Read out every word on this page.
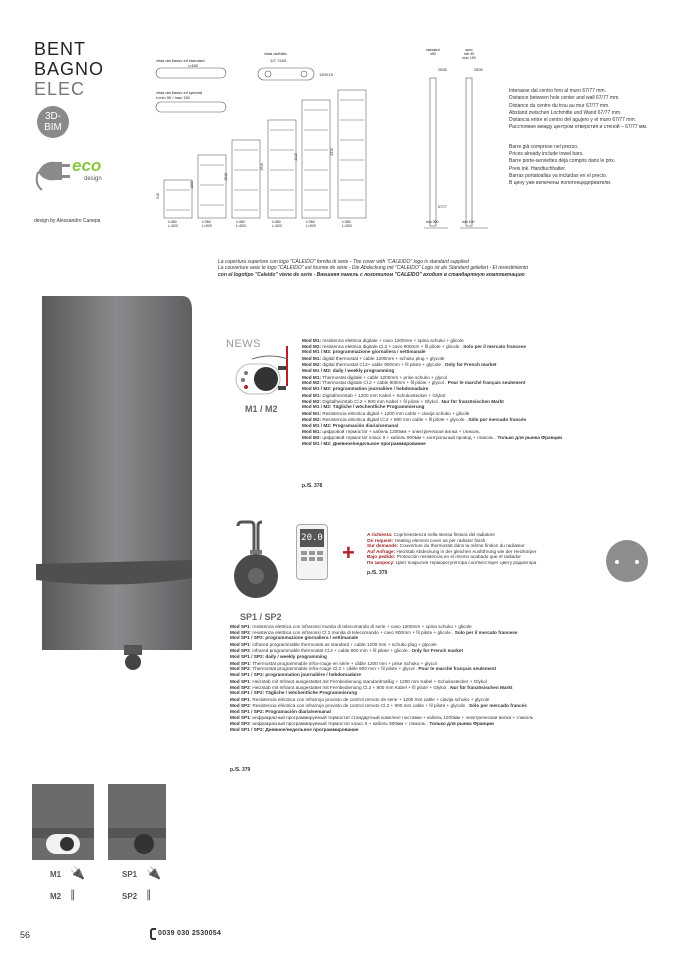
BENT
BAGNO
ELEC
3D-
BIM
eco
design
design by Alessandro Canepa
vista dal basso int standard
i=450
vista dall'alto
1/2 "GAS
130X15
vista dal basso int speciali
i=min 50 / max 150
standard
450
spec
min 50 max 150
25/30	25/30
67/77
min 300	min 100
910
l=380
L=520
1300
l=380
L=520
1510
l=380
L=520
1910
l=380
L=520
2110
l=380
L=520
2310
l=380
L=520

Interasse dal centro foro al muro 67/77 mm.

Distance between hole center and wall 67/77 mm.

Distance du centre du trou au mur 67/77 mm.

Abstand zwischen Lochmitte und Wand 67/77 mm.

Distancia entre el centro del agujero y el muro 67/77 mm.

Расстояние между центром отверстия и стеной – 67/77 мм.

Barre già comprese nel prezzo.

Prices already include towel bars.

Barre porte-serviettes déjà compris dans le prix.

Preis ink. Handtuchhalter.

Barras portatoallas ya incluidas en el precio.

В цену уже включены полотенцедержатели.

La copertura superiore con logo "CALEIDO" fornita di serie - The cover with "CALEIDO" logo is standard supplied
La couverture avec le logo "CALEIDO" est fournie de série - Die Abdeckung mit "CALEIDO" Logo ist als Standard geliefert - El revestimiento
con el logotipo "Caleido" viene de serie - Внешняя панель с логотипом "CALEIDO" входит в стандартную комплектацию
NEWS
M1 / M2
Mod M1: resistenza elettrica digitale + cavo 1200mm + spina schuko + glicole
Mod M2: resistenza elettrica digitale Cl.2 + cavo 900mm + fil pilote + glicole . Solo per il mercato francese
Mod M1 / M2: programmazione giornaliera / settimanale
Mod M1: digital thermostat + cable 1200mm + schuko plug + glycole
Mod M2: digital thermostat Cl.2+ cable 900mm + fil pilote + glycole . Only for French market
Mod M1 / M2: daily / weekly programming
Mod M1: Thermostat digitale + cable 1200mm + prise schuko + glycol
Mod M2: Thermostat digitale Cl.2 + cable 900mm + fil pilote + glycol . Pour le marché français seulement
Mod M1 / M2: programmation journalière / hebdomadaire
Mod M1: Digitalheizstab + 1200 mm Kabel + Schukostecker + Glykol
Mod M2: Digitalheizstab Cl.2 + 900 mm Kabel + fil pilote + Glykol . Nur für französischen Markt
Mod M1 / M2: Tägliche / wöchentliche Programmierung
Mod M1: Resistencia eléctrica digital + 1200 mm cable + clavija schuko + glicole
Mod M2: Resistencia eléctrica digital Cl.2 + 900 mm cable + fil pilote + glycole . Sólo por mercado francés
Mod M1 / M2: Programación diaria/semanal
Mod M1: цифровой термостат + кабель 1200мм + электрическая вилка + гликоль
Mod M2: цифровой термостат класс II + кабель 900мм + контрольный провод + гликоль . Только для рынка Франции
Mod M1 / M2: Дневное/недельное программирование
p./S. 378
20.0
+
A richiesta: Copriresistenza nella stessa finitura del radiatore
On request: Heating element cover as per radiator finish
Sur demande: Couverture du thermostat dans la même finition du radiateur
Auf Anfrage: Heizstab Abdeckung in der gleichen Ausführung wie der Heizkörper
Bajo pedido: Protección resistencia en el mismo acabado que el radiador
По запросу: Цвет покрытия терморегулятора соответствует цвету радиатора
p./S. 379
SP1 / SP2
Mod SP1: resistenza elettrica con infrarossi munita di telecomando di serie + cavo 1200mm + spina schuko + glicole
Mod SP2: resistenza elettrica con infrarossi Cl.2 munita di telecomando + cavo 900mm + fil pilote + glicole . Solo per il mercato francese
Mod SP1 / SP2: programmazione giornaliera / settimanale
Mod SP1: infrared programmable thermostat as standard + cable 1200 mm + schuko plug + glycole
Mod SP2: infrared programmable thermostat Cl.2 + cable 900 mm + fil pilote + glicole . Only for French market
Mod SP1 / SP2: daily / weekly programming
Mod SP1: Thermostat programmable infra-rouge en série + câble 1200 mm + prise Schuko + glycol
Mod SP2: Thermostat programmable infra-rouge Cl.2 + câble 900 mm + fil pilote + glycol . Pour le marché français seulement
Mod SP1 / SP2: programmation journalière / hebdomadaire
Mod SP1: Heizstab mit Infrarot ausgestattet mit Fernbedienung standardmäßig + 1200 mm Kabel + Schukostecker + Glykol
Mod SP2: Heizstab mit Infrarot ausgestattet mit Fernbedienung Cl.2 + 900 mm Kabel + fil pilote + Glykol . Nur für französischen Markt
Mod SP1 / SP2: Tägliche / wöchentliche Programmierung
Mod SP1: Resistencia eléctrica con infrarrojo provisto de control remoto de serie + 1200 mm cable + clavija schuko + glycole
Mod SP2: Resistencia eléctrica con infrarrojo provisto de control remoto Cl.2 + 900 mm cable + fil pilote + glycole . Sólo por mercado francés
Mod SP1 / SP2: Programación diaria/semanal
Mod SP1: инфракрасный программируемый термостат стандартный комплект поставки + кабель 1200мм + электрическая вилка + гликоль
Mod SP2: инфракрасный программируемый термостат класс II + кабель 900мм + гликоль . Только для рынка Франции
Mod SP1 / SP2: Дневное/недельное программирование
p./S. 379
M1 🔌
M2 ∥
SP1 🔌
SP2 ∥
56	0039 030 2530054
